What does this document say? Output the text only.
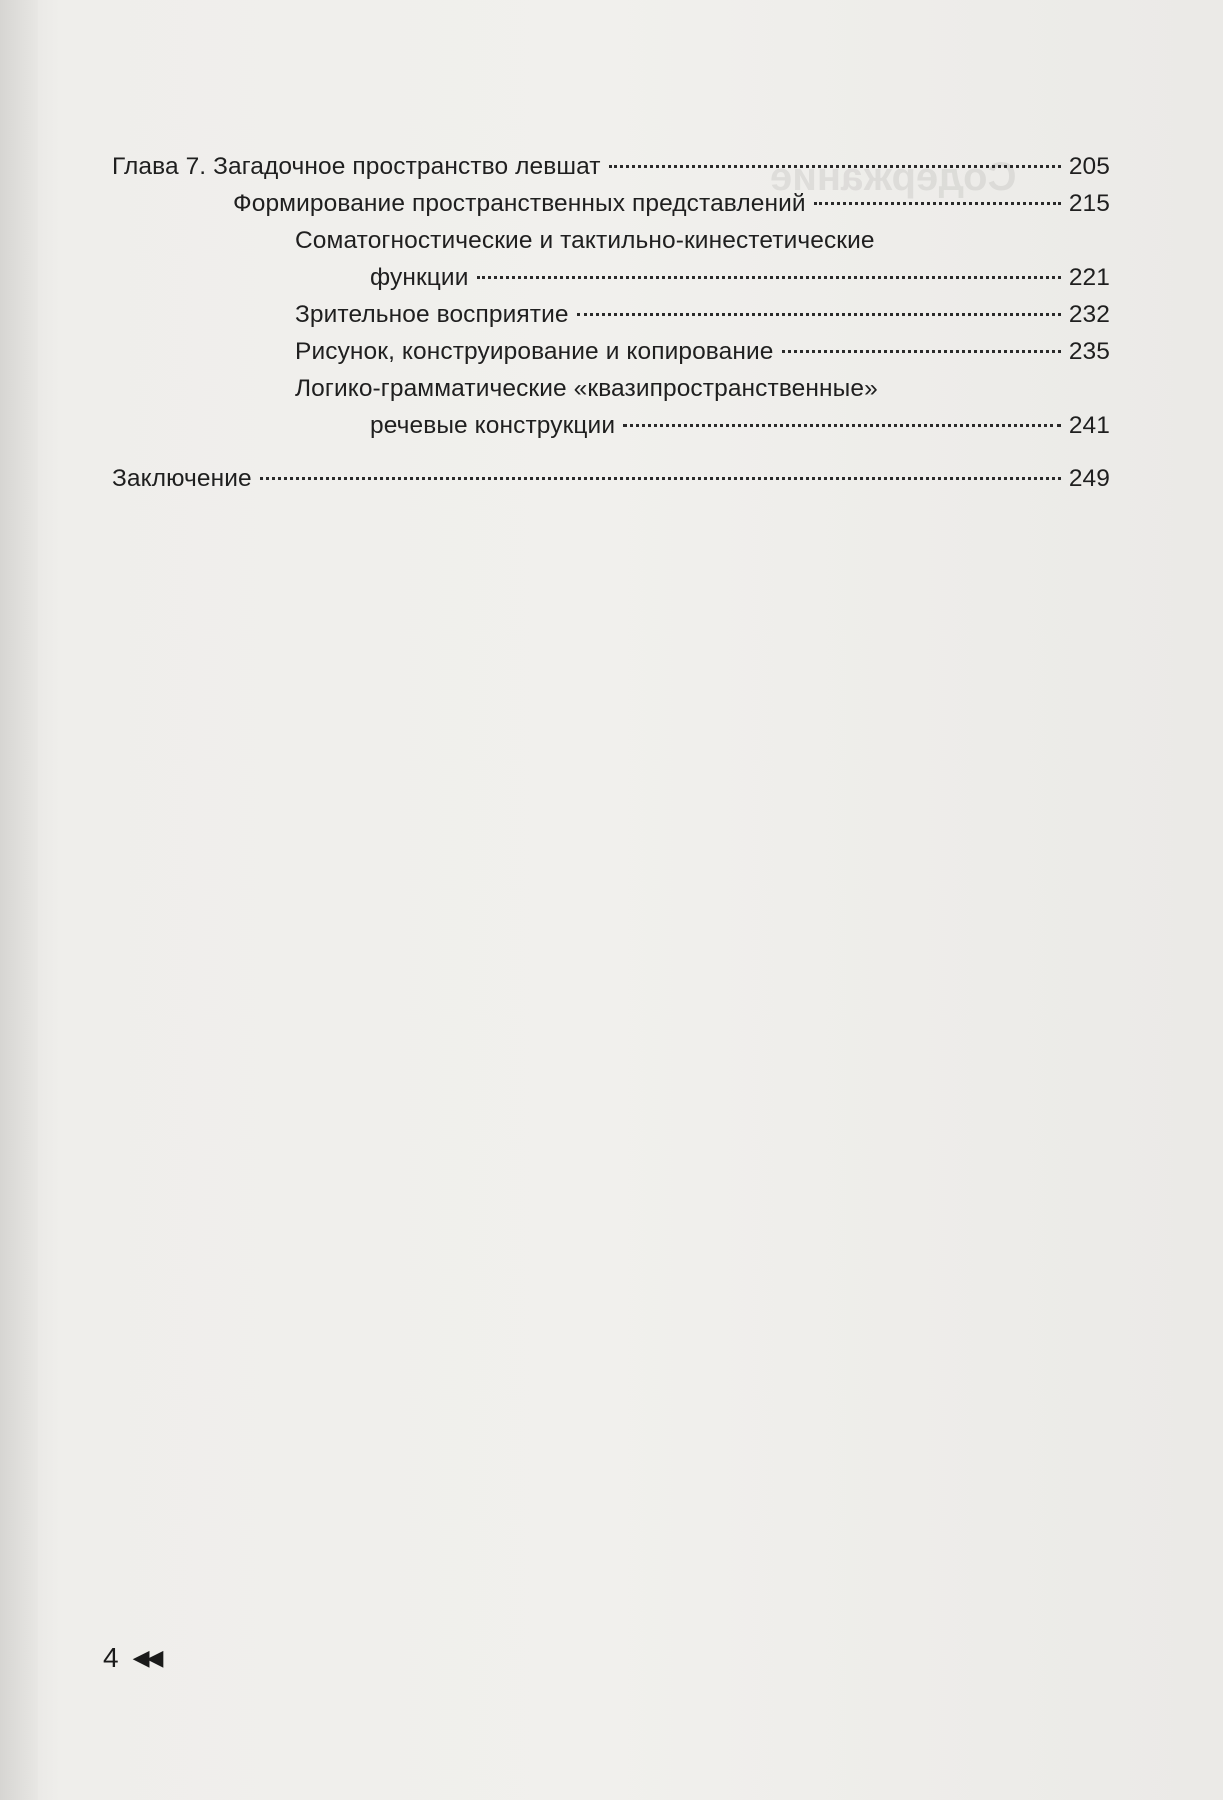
Содержание
Глава 7. Загадочное пространство левшат	205
Формирование пространственных представлений	215
Соматогностические и тактильно-кинестетические
функции	221
Зрительное восприятие	232
Рисунок, конструирование и копирование	235
Логико-грамматические «квазипространственные»
речевые конструкции	241
Заключение	249
4 ◀◀
